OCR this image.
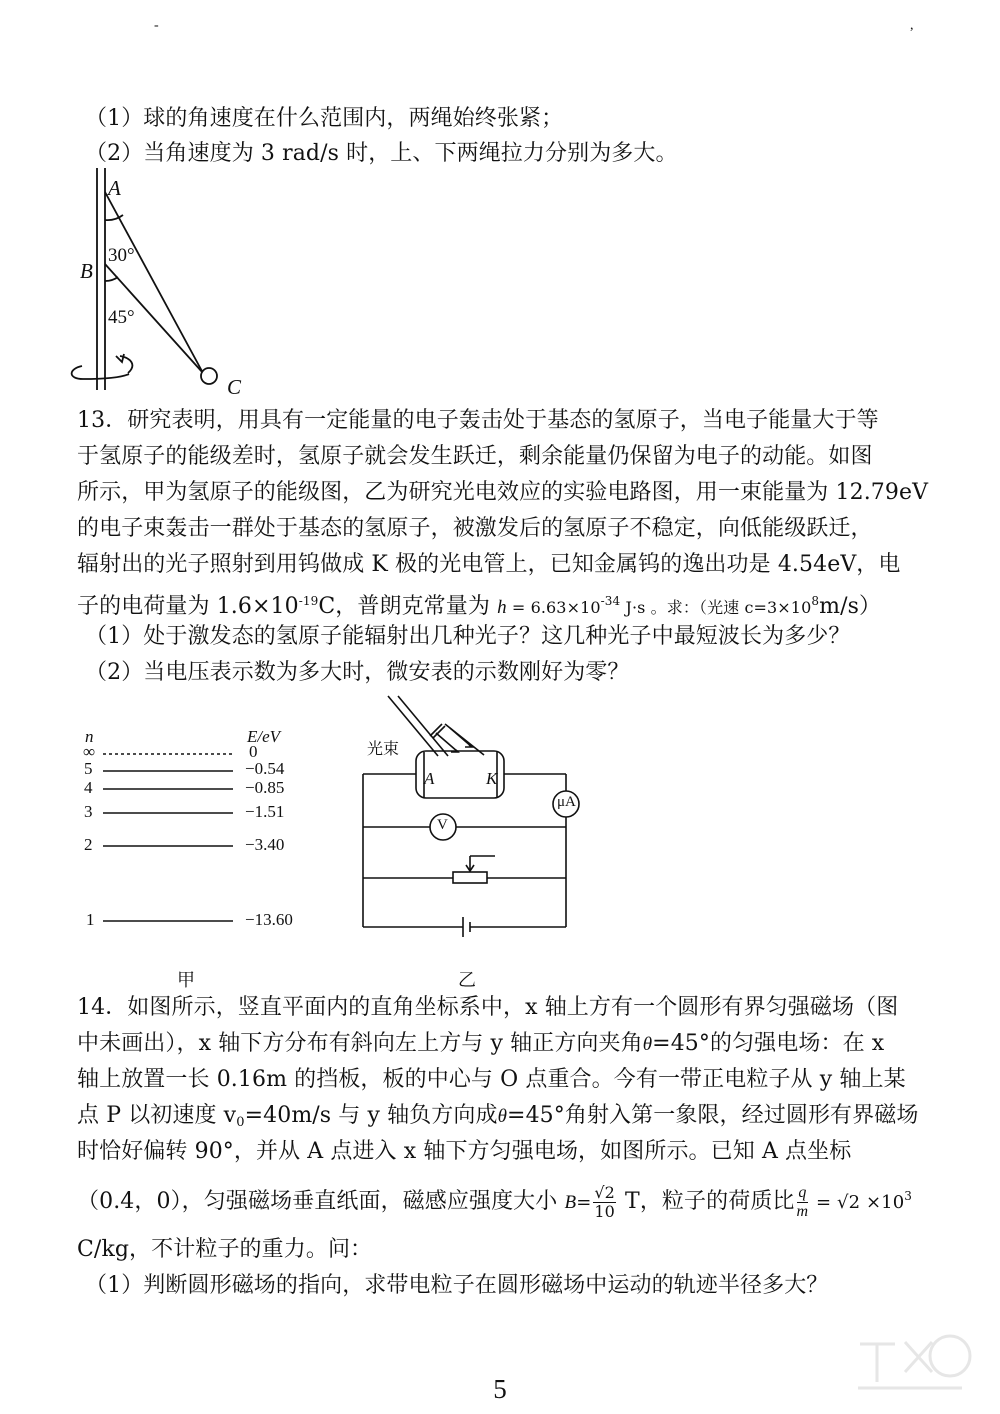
-	,
（1）球的角速度在什么范围内，两绳始终张紧；
（2）当角速度为 3 rad/s 时，上、下两绳拉力分别为多大。
A
B
C
30°
45°
13．研究表明，用具有一定能量的电子轰击处于基态的氢原子，当电子能量大于等
于氢原子的能级差时，氢原子就会发生跃迁，剩余能量仍保留为电子的动能。如图
所示，甲为氢原子的能级图，乙为研究光电效应的实验电路图，用一束能量为 12.79eV
的电子束轰击一群处于基态的氢原子，被激发后的氢原子不稳定，向低能级跃迁，
辐射出的光子照射到用钨做成 K 极的光电管上，已知金属钨的逸出功是 4.54eV，电
子的电荷量为 $1.6\times 10^{-19}C$，普朗克常量为 $h = 6.63\times 10^{-34}$ J·s 。求：（光速 $c=3\times 10^8m/s$）
（1）处于激发态的氢原子能辐射出几种光子？这几种光子中最短波长为多少？
（2）当电压表示数为多大时，微安表的示数刚好为零？
n	E/eV
∞	0
5	−0.54
4	−0.85
3	−1.51
2	−3.40
1	−13.60
甲
光束
A	K
μA
V
乙
14．如图所示，竖直平面内的直角坐标系中，x 轴上方有一个圆形有界匀强磁场（图
中未画出），x 轴下方分布有斜向左上方与 y 轴正方向夹角θ=45°的匀强电场：在 x
轴上放置一长 0.16m 的挡板，板的中心与 O 点重合。今有一带正电粒子从 y 轴上某
点 P 以初速度 v0=40m/s 与 y 轴负方向成θ=45°角射入第一象限，经过圆形有界磁场
时恰好偏转 90°，并从 A 点进入 x 轴下方匀强电场，如图所示。已知 A 点坐标
（0.4，0），匀强磁场垂直纸面，磁感应强度大小 $B= \frac{√2}{10}$ T，粒子的荷质比 $\frac{q}{m} = √2 \times 10^3$
C/kg，不计粒子的重力。问：
（1）判断圆形磁场的指向，求带电粒子在圆形磁场中运动的轨迹半径多大？
5
